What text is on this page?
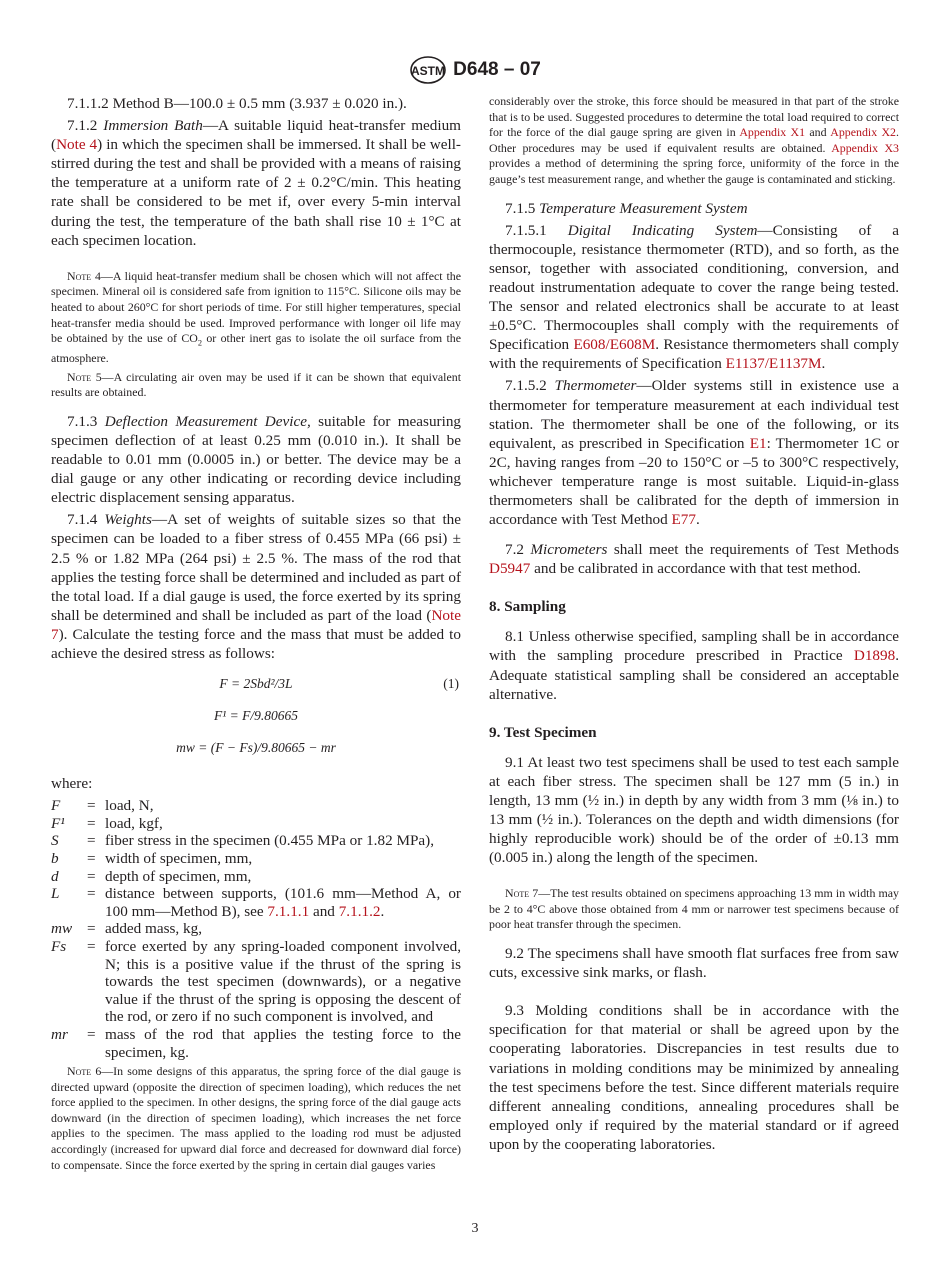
ASTM D648 – 07

7.1.1.2 Method B—100.0 ± 0.5 mm (3.937 ± 0.020 in.).

7.1.2 Immersion Bath—A suitable liquid heat-transfer medium (Note 4) in which the specimen shall be immersed. It shall be well-stirred during the test and shall be provided with a means of raising the temperature at a uniform rate of 2 ± 0.2°C/min. This heating rate shall be considered to be met if, over every 5-min interval during the test, the temperature of the bath shall rise 10 ± 1°C at each specimen location.

Note 4—A liquid heat-transfer medium shall be chosen which will not affect the specimen. Mineral oil is considered safe from ignition to 115°C. Silicone oils may be heated to about 260°C for short periods of time. For still higher temperatures, special heat-transfer media should be used. Improved performance with longer oil life may be obtained by the use of $CO_2$ or other inert gas to isolate the oil surface from the atmosphere.

Note 5—A circulating air oven may be used if it can be shown that equivalent results are obtained.

7.1.3 Deflection Measurement Device, suitable for measuring specimen deflection of at least 0.25 mm (0.010 in.). It shall be readable to 0.01 mm (0.0005 in.) or better. The device may be a dial gauge or any other indicating or recording device including electric displacement sensing apparatus.

7.1.4 Weights—A set of weights of suitable sizes so that the specimen can be loaded to a fiber stress of 0.455 MPa (66 psi) ± 2.5 % or 1.82 MPa (264 psi) ± 2.5 %. The mass of the rod that applies the testing force shall be determined and included as part of the total load. If a dial gauge is used, the force exerted by its spring shall be determined and shall be included as part of the load (Note 7). Calculate the testing force and the mass that must be added to achieve the desired stress as follows:

F = 2Sbd²/3L	(1)
F¹ = F/9.80665
mw = (F − Fs)/9.80665 − mr

where:

F	=	load, N,
F¹	=	load, kgf,
S	=	fiber stress in the specimen (0.455 MPa or 1.82 MPa),
b	=	width of specimen, mm,
d	=	depth of specimen, mm,
L	=	distance between supports, (101.6 mm—Method A, or 100 mm—Method B), see 7.1.1.1 and 7.1.1.2.
mw	=	added mass, kg,
Fs	=	force exerted by any spring-loaded component involved, N; this is a positive value if the thrust of the spring is towards the test specimen (downwards), or a negative value if the thrust of the spring is opposing the descent of the rod, or zero if no such component is involved, and
mr	=	mass of the rod that applies the testing force to the specimen, kg.

Note 6—In some designs of this apparatus, the spring force of the dial gauge is directed upward (opposite the direction of specimen loading), which reduces the net force applied to the specimen. In other designs, the spring force of the dial gauge acts downward (in the direction of specimen loading), which increases the net force applies to the specimen. The mass applied to the loading rod must be adjusted accordingly (increased for upward dial force and decreased for downward dial force) to compensate. Since the force exerted by the spring in certain dial gauges varies

considerably over the stroke, this force should be measured in that part of the stroke that is to be used. Suggested procedures to determine the total load required to correct for the force of the dial gauge spring are given in Appendix X1 and Appendix X2. Other procedures may be used if equivalent results are obtained. Appendix X3 provides a method of determining the spring force, uniformity of the force in the gauge’s test measurement range, and whether the gauge is contaminated and sticking.

7.1.5 Temperature Measurement System

7.1.5.1 Digital Indicating System—Consisting of a thermocouple, resistance thermometer (RTD), and so forth, as the sensor, together with associated conditioning, conversion, and readout instrumentation adequate to cover the range being tested. The sensor and related electronics shall be accurate to at least ±0.5°C. Thermocouples shall comply with the requirements of Specification E608/E608M. Resistance thermometers shall comply with the requirements of Specification E1137/E1137M.

7.1.5.2 Thermometer—Older systems still in existence use a thermometer for temperature measurement at each individual test station. The thermometer shall be one of the following, or its equivalent, as prescribed in Specification E1: Thermometer 1C or 2C, having ranges from –20 to 150°C or –5 to 300°C respectively, whichever temperature range is most suitable. Liquid-in-glass thermometers shall be calibrated for the depth of immersion in accordance with Test Method E77.

7.2 Micrometers shall meet the requirements of Test Methods D5947 and be calibrated in accordance with that test method.

8. Sampling

8.1 Unless otherwise specified, sampling shall be in accordance with the sampling procedure prescribed in Practice D1898. Adequate statistical sampling shall be considered an acceptable alternative.

9. Test Specimen

9.1 At least two test specimens shall be used to test each sample at each fiber stress. The specimen shall be 127 mm (5 in.) in length, 13 mm (½ in.) in depth by any width from 3 mm (⅛ in.) to 13 mm (½ in.). Tolerances on the depth and width dimensions (for highly reproducible work) should be of the order of ±0.13 mm (0.005 in.) along the length of the specimen.

Note 7—The test results obtained on specimens approaching 13 mm in width may be 2 to 4°C above those obtained from 4 mm or narrower test specimens because of poor heat transfer through the specimen.

9.2 The specimens shall have smooth flat surfaces free from saw cuts, excessive sink marks, or flash.

9.3 Molding conditions shall be in accordance with the specification for that material or shall be agreed upon by the cooperating laboratories. Discrepancies in test results due to variations in molding conditions may be minimized by annealing the test specimens before the test. Since different materials require different annealing conditions, annealing procedures shall be employed only if required by the material standard or if agreed upon by the cooperating laboratories.

3
